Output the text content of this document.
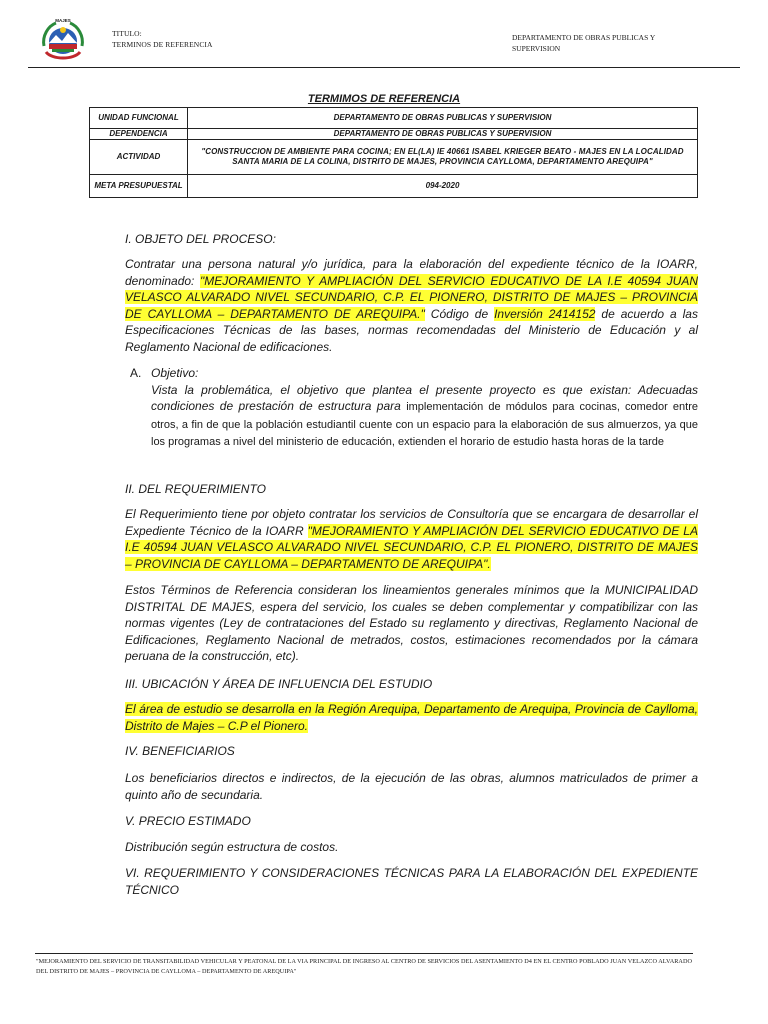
MAJES
TITULO:
TERMINOS DE REFERENCIA
DEPARTAMENTO DE OBRAS PUBLICAS Y SUPERVISION
TERMIMOS DE REFERENCIA
UNIDAD FUNCIONAL	DEPARTAMENTO DE OBRAS PUBLICAS Y SUPERVISION
DEPENDENCIA	DEPARTAMENTO DE OBRAS PUBLICAS Y SUPERVISION
ACTIVIDAD	"CONSTRUCCION DE AMBIENTE PARA COCINA; EN EL(LA) IE 40661 ISABEL KRIEGER BEATO - MAJES EN LA LOCALIDAD SANTA MARIA DE LA COLINA, DISTRITO DE MAJES, PROVINCIA CAYLLOMA, DEPARTAMENTO AREQUIPA"
META PRESUPUESTAL	094-2020
I. OBJETO DEL PROCESO:
Contratar una persona natural y/o jurídica, para la elaboración del expediente técnico de la IOARR, denominado: "MEJORAMIENTO Y AMPLIACIÓN DEL SERVICIO EDUCATIVO DE LA I.E 40594 JUAN VELASCO ALVARADO NIVEL SECUNDARIO, C.P. EL PIONERO, DISTRITO DE MAJES – PROVINCIA DE CAYLLOMA – DEPARTAMENTO DE AREQUIPA." Código de Inversión 2414152 de acuerdo a las Especificaciones Técnicas de las bases, normas recomendadas del Ministerio de Educación y al Reglamento Nacional de edificaciones.
A. Objetivo:
Vista la problemática, el objetivo que plantea el presente proyecto es que existan: Adecuadas condiciones de prestación de estructura para implementación de módulos para cocinas, comedor entre otros, a fin de que la población estudiantil cuente con un espacio para la elaboración de sus almuerzos, ya que los programas a nivel del ministerio de educación, extienden el horario de estudio hasta horas de la tarde
II. DEL REQUERIMIENTO
El Requerimiento tiene por objeto contratar los servicios de Consultoría que se encargara de desarrollar el Expediente Técnico de la IOARR "MEJORAMIENTO Y AMPLIACIÓN DEL SERVICIO EDUCATIVO DE LA I.E 40594 JUAN VELASCO ALVARADO NIVEL SECUNDARIO, C.P. EL PIONERO, DISTRITO DE MAJES – PROVINCIA DE CAYLLOMA – DEPARTAMENTO DE AREQUIPA".
Estos Términos de Referencia consideran los lineamientos generales mínimos que la MUNICIPALIDAD DISTRITAL DE MAJES, espera del servicio, los cuales se deben complementar y compatibilizar con las normas vigentes (Ley de contrataciones del Estado su reglamento y directivas, Reglamento Nacional de Edificaciones, Reglamento Nacional de metrados, costos, estimaciones recomendados por la cámara peruana de la construcción, etc).
III. UBICACIÓN Y ÁREA DE INFLUENCIA DEL ESTUDIO
El área de estudio se desarrolla en la Región Arequipa, Departamento de Arequipa, Provincia de Caylloma, Distrito de Majes – C.P el Pionero.
IV. BENEFICIARIOS
Los beneficiarios directos e indirectos, de la ejecución de las obras, alumnos matriculados de primer a quinto año de secundaria.
V. PRECIO ESTIMADO
Distribución según estructura de costos.
VI. REQUERIMIENTO Y CONSIDERACIONES TÉCNICAS PARA LA ELABORACIÓN DEL EXPEDIENTE TÉCNICO
"MEJORAMIENTO DEL SERVICIO DE TRANSITABILIDAD VEHICULAR Y PEATONAL DE LA VIA PRINCIPAL DE INGRESO AL CENTRO DE SERVICIOS DEL ASENTAMIENTO D4 EN EL CENTRO POBLADO JUAN VELAZCO ALVARADO DEL DISTRITO DE MAJES – PROVINCIA DE CAYLLOMA – DEPARTAMENTO DE AREQUIPA"
